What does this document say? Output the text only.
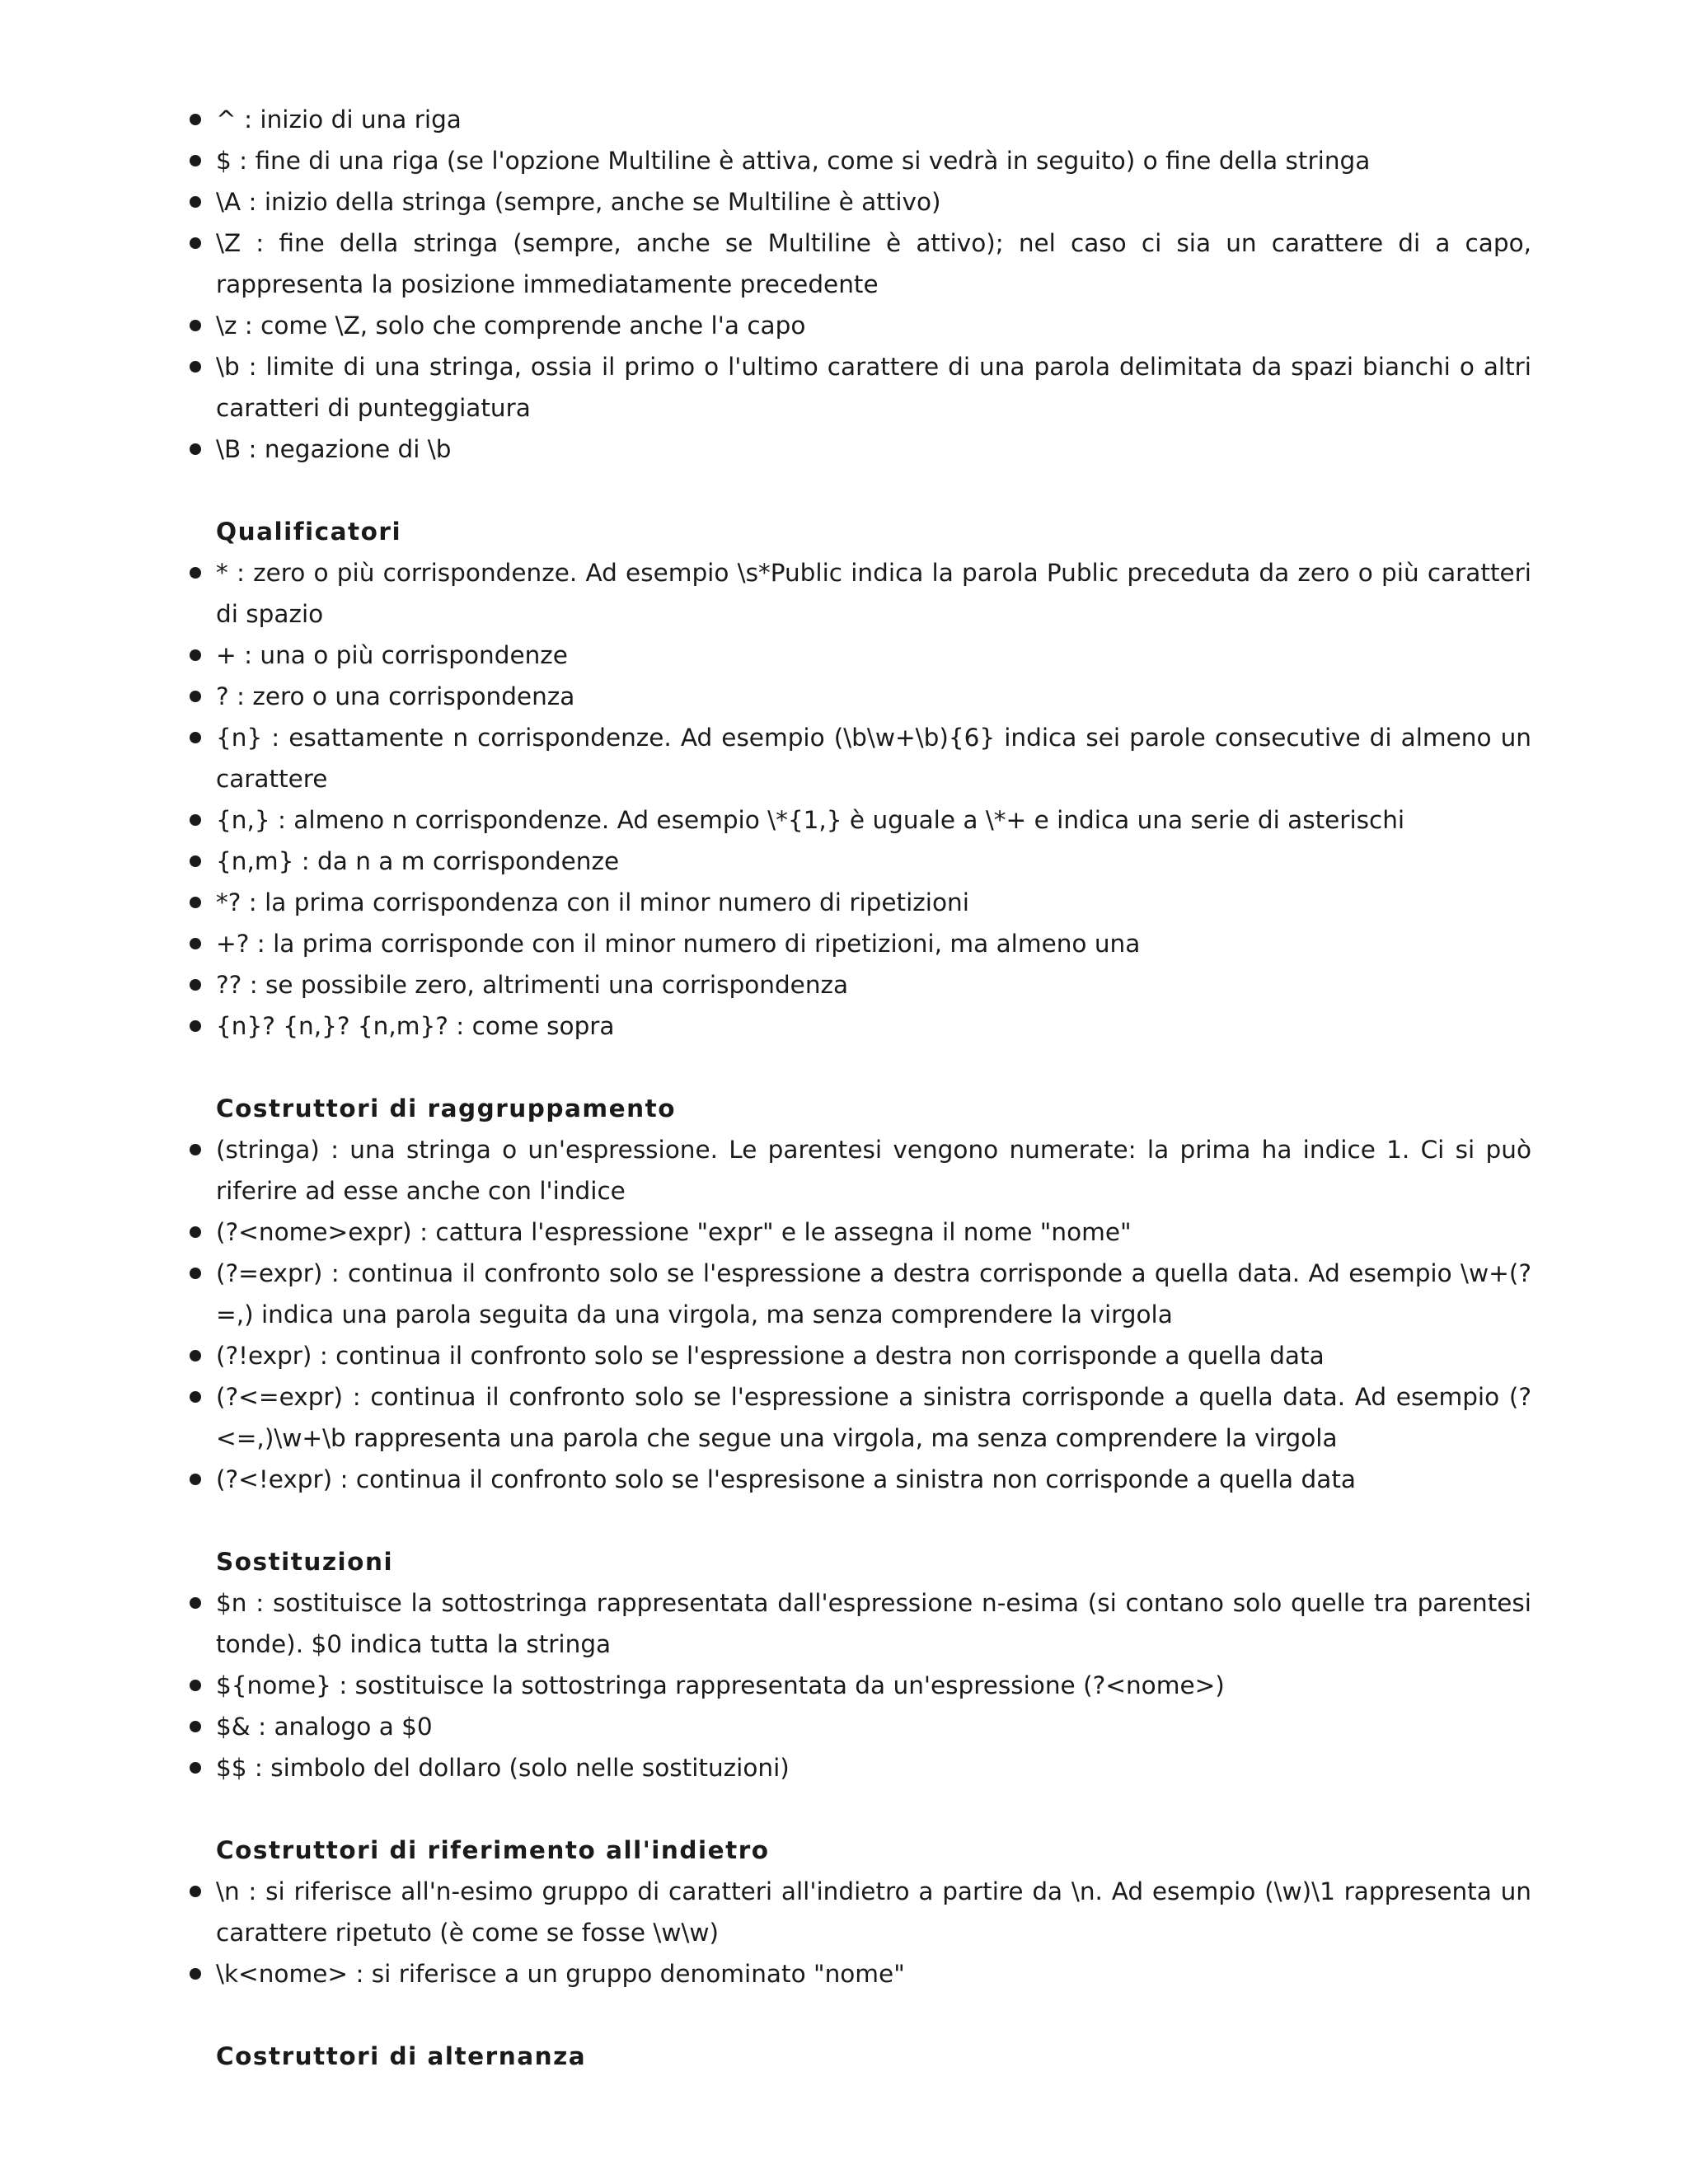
^ : inizio di una riga

$ : fine di una riga (se l'opzione Multiline è attiva, come si vedrà in seguito) o fine della stringa

\A : inizio della stringa (sempre, anche se Multiline è attivo)

\Z : fine della stringa (sempre, anche se Multiline è attivo); nel caso ci sia un carattere di a capo, rappresenta la posizione immediatamente precedente

\z : come \Z, solo che comprende anche l'a capo

\b : limite di una stringa, ossia il primo o l'ultimo carattere di una parola delimitata da spazi bianchi o altri caratteri di punteggiatura

\B : negazione di \b

Qualificatori

* : zero o più corrispondenze. Ad esempio \s*Public indica la parola Public preceduta da zero o più caratteri di spazio

+ : una o più corrispondenze

? : zero o una corrispondenza

{n} : esattamente n corrispondenze. Ad esempio (\b\w+\b){6} indica sei parole consecutive di almeno un carattere

{n,} : almeno n corrispondenze. Ad esempio \*{1,} è uguale a \*+ e indica una serie di asterischi

{n,m} : da n a m corrispondenze

*? : la prima corrispondenza con il minor numero di ripetizioni

+? : la prima corrisponde con il minor numero di ripetizioni, ma almeno una

?? : se possibile zero, altrimenti una corrispondenza

{n}? {n,}? {n,m}? : come sopra

Costruttori di raggruppamento

(stringa) : una stringa o un'espressione. Le parentesi vengono numerate: la prima ha indice 1. Ci si può riferire ad esse anche con l'indice

(?<nome>expr) : cattura l'espressione "expr" e le assegna il nome "nome"

(?=expr) : continua il confronto solo se l'espressione a destra corrisponde a quella data. Ad esempio \w+(?=,) indica una parola seguita da una virgola, ma senza comprendere la virgola

(?!expr) : continua il confronto solo se l'espressione a destra non corrisponde a quella data

(?<=expr) : continua il confronto solo se l'espressione a sinistra corrisponde a quella data. Ad esempio (?<=,)\w+\b rappresenta una parola che segue una virgola, ma senza comprendere la virgola

(?<!expr) : continua il confronto solo se l'espresisone a sinistra non corrisponde a quella data

Sostituzioni

$n : sostituisce la sottostringa rappresentata dall'espressione n-esima (si contano solo quelle tra parentesi tonde). $0 indica tutta la stringa

${nome} : sostituisce la sottostringa rappresentata da un'espressione (?<nome>)

$& : analogo a $0

$$ : simbolo del dollaro (solo nelle sostituzioni)

Costruttori di riferimento all'indietro

\n : si riferisce all'n-esimo gruppo di caratteri all'indietro a partire da \n. Ad esempio (\w)\1 rappresenta un carattere ripetuto (è come se fosse \w\w)

\k<nome> : si riferisce a un gruppo denominato "nome"

Costruttori di alternanza
